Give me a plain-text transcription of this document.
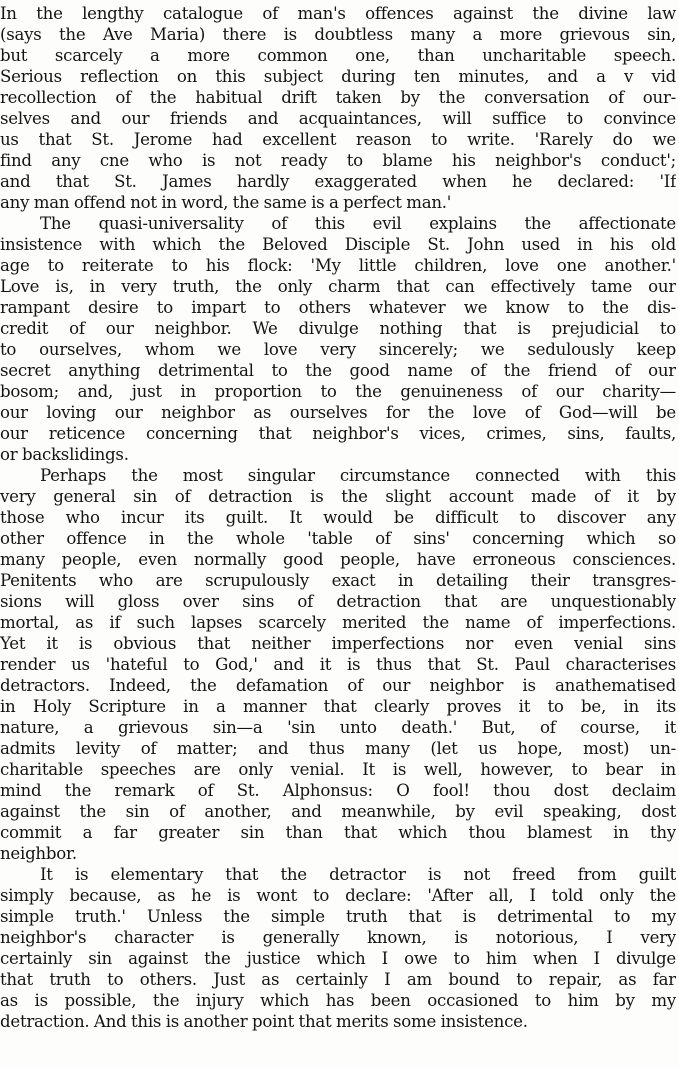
In the lengthy catalogue of man's offences against the divine law
(says the Ave Maria) there is doubtless many a more grievous sin,
but scarcely a more common one, than uncharitable speech.
Serious reflection on this subject during ten minutes, and a v vid
recollection of the habitual drift taken by the conversation of our-
selves and our friends and acquaintances, will suffice to convince
us that St. Jerome had excellent reason to write. 'Rarely do we
find any cne who is not ready to blame his neighbor's conduct';
and that St. James hardly exaggerated when he declared: 'If
any man offend not in word, the same is a perfect man.'
The quasi-universality of this evil explains the affectionate
insistence with which the Beloved Disciple St. John used in his old
age to reiterate to his flock: 'My little children, love one another.'
Love is, in very truth, the only charm that can effectively tame our
rampant desire to impart to others whatever we know to the dis-
credit of our neighbor. We divulge nothing that is prejudicial to
to ourselves, whom we love very sincerely; we sedulously keep
secret anything detrimental to the good name of the friend of our
bosom; and, just in proportion to the genuineness of our charity—
our loving our neighbor as ourselves for the love of God—will be
our reticence concerning that neighbor's vices, crimes, sins, faults,
or backslidings.
Perhaps the most singular circumstance connected with this
very general sin of detraction is the slight account made of it by
those who incur its guilt. It would be difficult to discover any
other offence in the whole 'table of sins' concerning which so
many people, even normally good people, have erroneous consciences.
Penitents who are scrupulously exact in detailing their transgres-
sions will gloss over sins of detraction that are unquestionably
mortal, as if such lapses scarcely merited the name of imperfections.
Yet it is obvious that neither imperfections nor even venial sins
render us 'hateful to God,' and it is thus that St. Paul characterises
detractors. Indeed, the defamation of our neighbor is anathematised
in Holy Scripture in a manner that clearly proves it to be, in its
nature, a grievous sin—a 'sin unto death.' But, of course, it
admits levity of matter; and thus many (let us hope, most) un-
charitable speeches are only venial. It is well, however, to bear in
mind the remark of St. Alphonsus: O fool! thou dost declaim
against the sin of another, and meanwhile, by evil speaking, dost
commit a far greater sin than that which thou blamest in thy
neighbor.
It is elementary that the detractor is not freed from guilt
simply because, as he is wont to declare: 'After all, I told only the
simple truth.' Unless the simple truth that is detrimental to my
neighbor's character is generally known, is notorious, I very
certainly sin against the justice which I owe to him when I divulge
that truth to others. Just as certainly I am bound to repair, as far
as is possible, the injury which has been occasioned to him by my
detraction. And this is another point that merits some insistence.
